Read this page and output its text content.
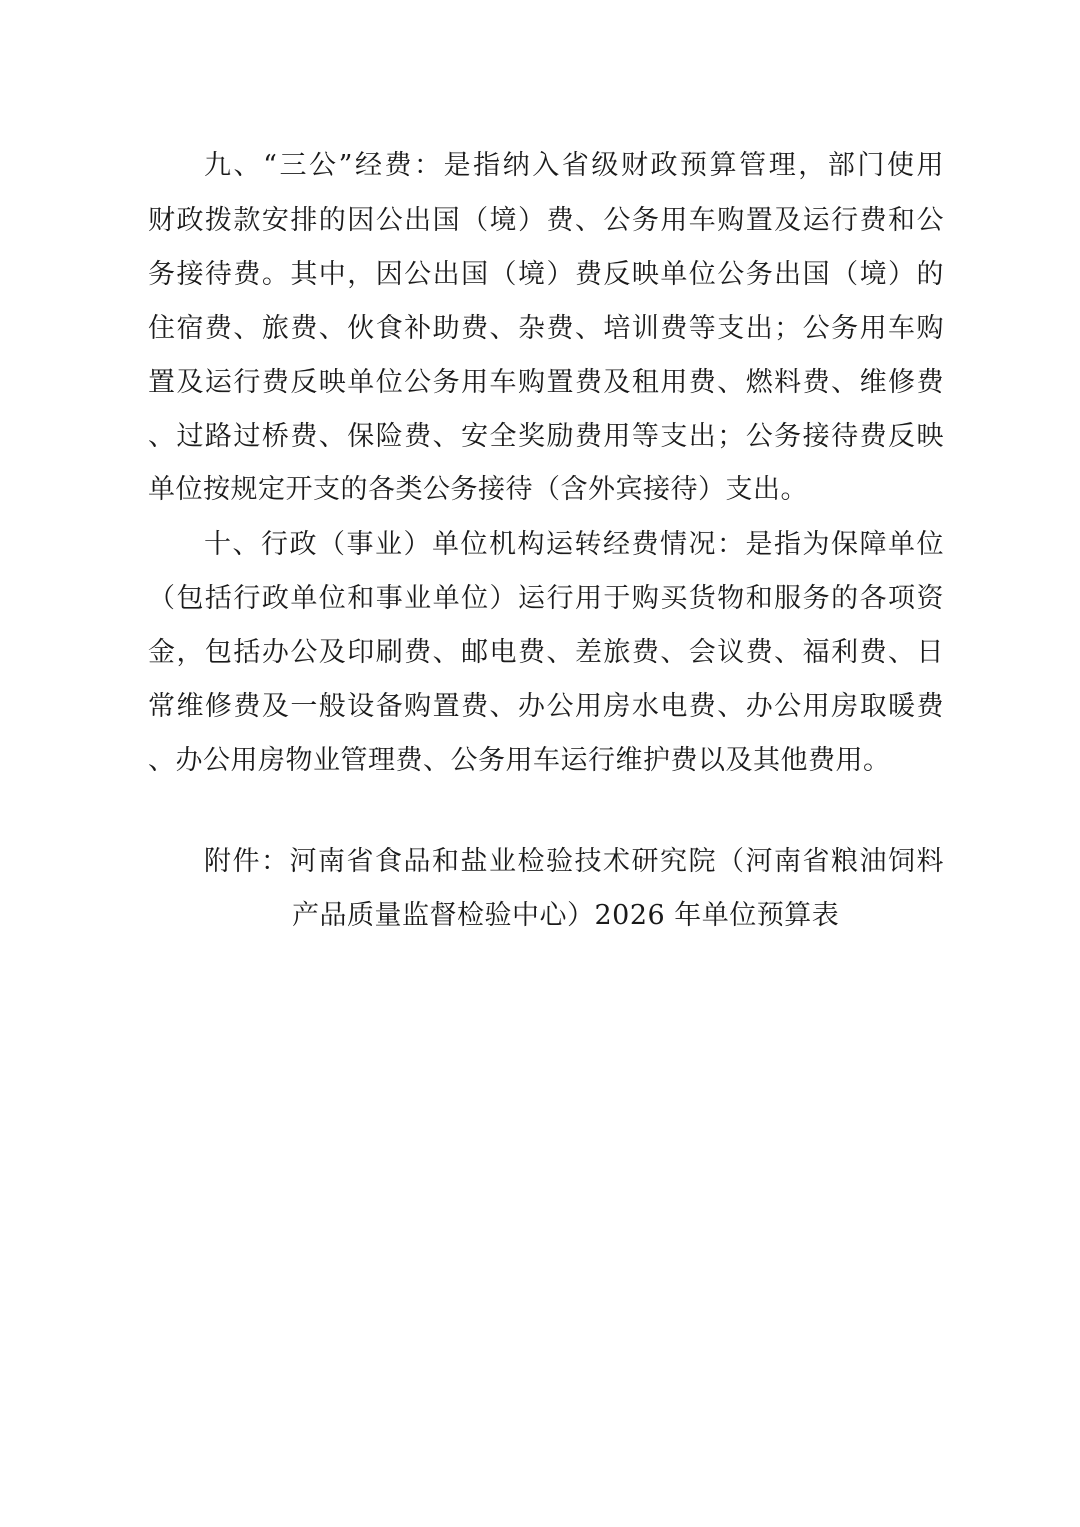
九、“三公”经费：是指纳入省级财政预算管理，部门使用

财政拨款安排的因公出国（境）费、公务用车购置及运行费和公

务接待费。其中，因公出国（境）费反映单位公务出国（境）的

住宿费、旅费、伙食补助费、杂费、培训费等支出；公务用车购

置及运行费反映单位公务用车购置费及租用费、燃料费、维修费

、过路过桥费、保险费、安全奖励费用等支出；公务接待费反映

单位按规定开支的各类公务接待（含外宾接待）支出。

十、行政（事业）单位机构运转经费情况：是指为保障单位

（包括行政单位和事业单位）运行用于购买货物和服务的各项资

金，包括办公及印刷费、邮电费、差旅费、会议费、福利费、日

常维修费及一般设备购置费、办公用房水电费、办公用房取暖费

、办公用房物业管理费、公务用车运行维护费以及其他费用。

附件：河南省食品和盐业检验技术研究院（河南省粮油饲料

产品质量监督检验中心）2026 年单位预算表
